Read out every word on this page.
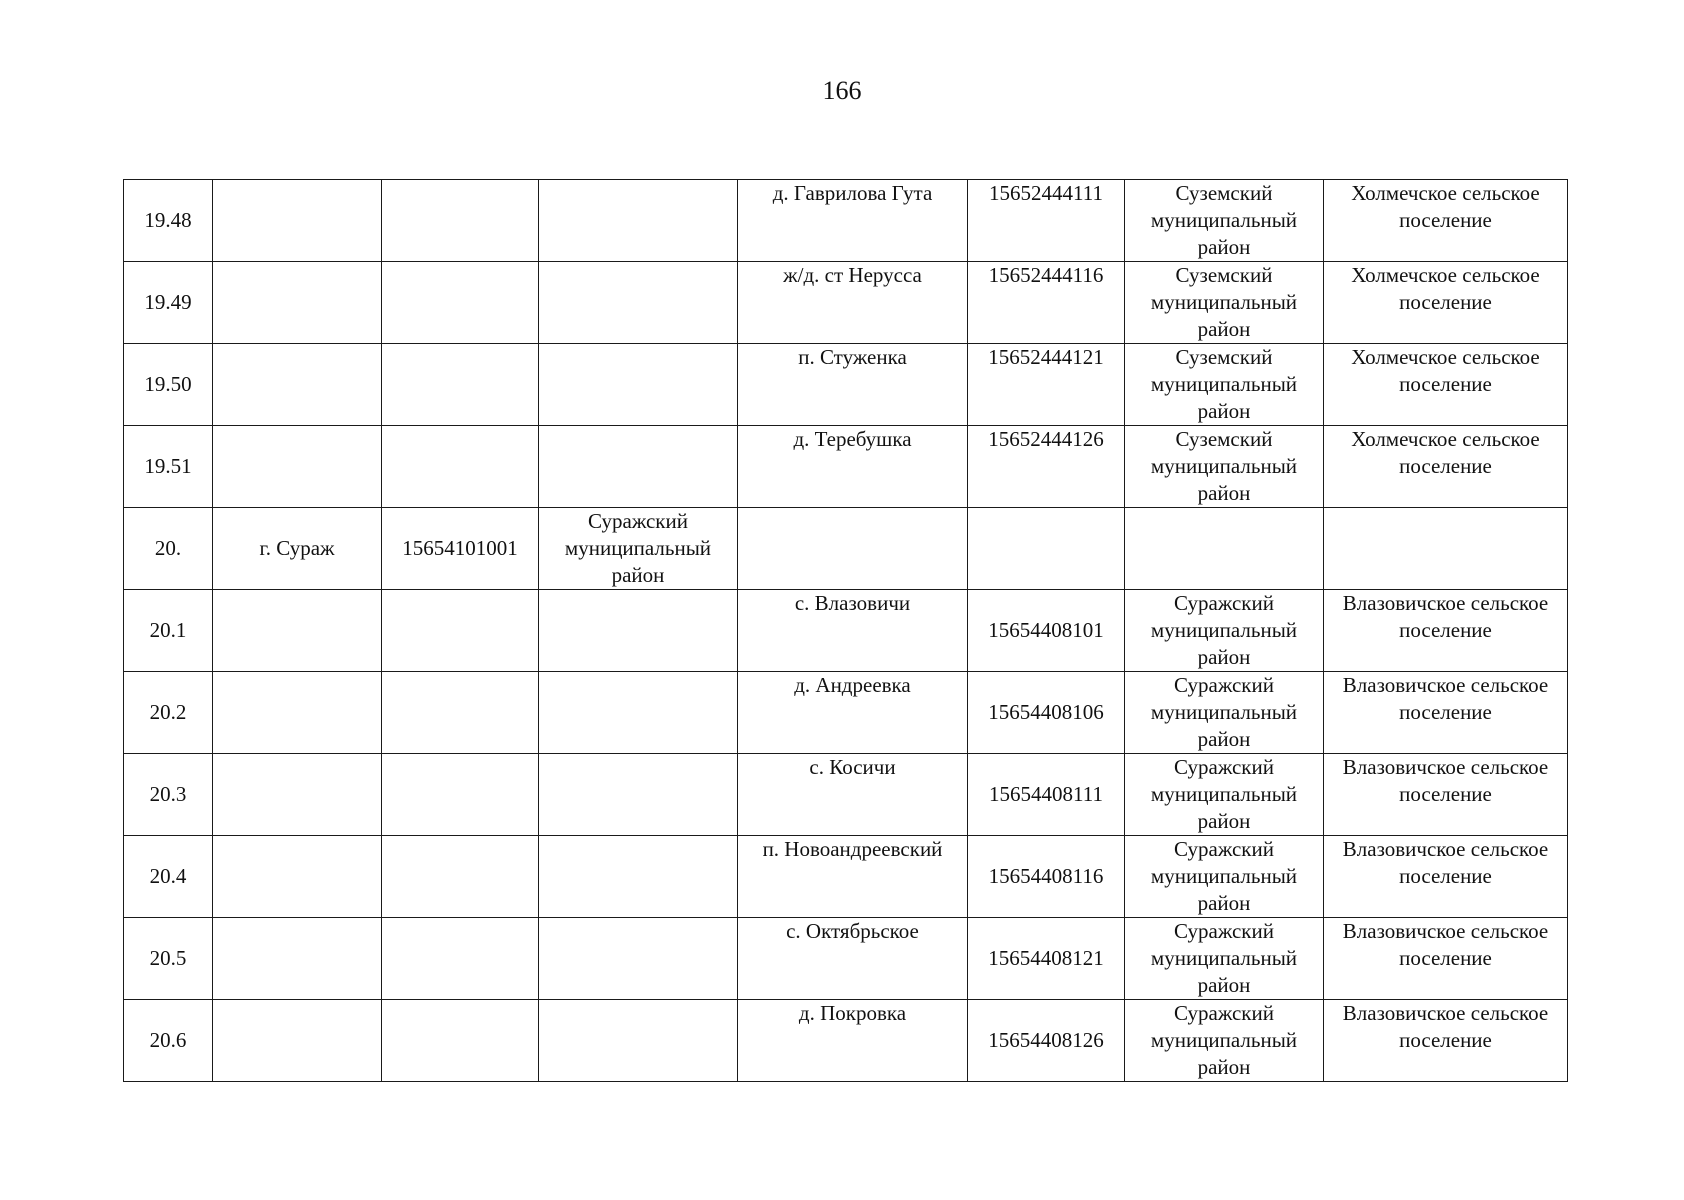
166
19.48				д. Гаврилова Гута	15652444111	Суземский муниципальный район	Холмечское сельское поселение

19.49				ж/д. ст Нерусса	15652444116	Суземский муниципальный район	Холмечское сельское поселение

19.50				п. Стуженка	15652444121	Суземский муниципальный район	Холмечское сельское поселение

19.51				д. Теребушка	15652444126	Суземский муниципальный район	Холмечское сельское поселение

20.	г. Сураж	15654101001	Суражский муниципальный район				

20.1				с. Влазовичи	15654408101	Суражский муниципальный район	Влазовичское сельское поселение

20.2				д. Андреевка	15654408106	Суражский муниципальный район	Влазовичское сельское поселение

20.3				с. Косичи	15654408111	Суражский муниципальный район	Влазовичское сельское поселение

20.4				п. Новоандреевский	15654408116	Суражский муниципальный район	Влазовичское сельское поселение

20.5				с. Октябрьское	15654408121	Суражский муниципальный район	Влазовичское сельское поселение

20.6				д. Покровка	15654408126	Суражский муниципальный район	Влазовичское сельское поселение
